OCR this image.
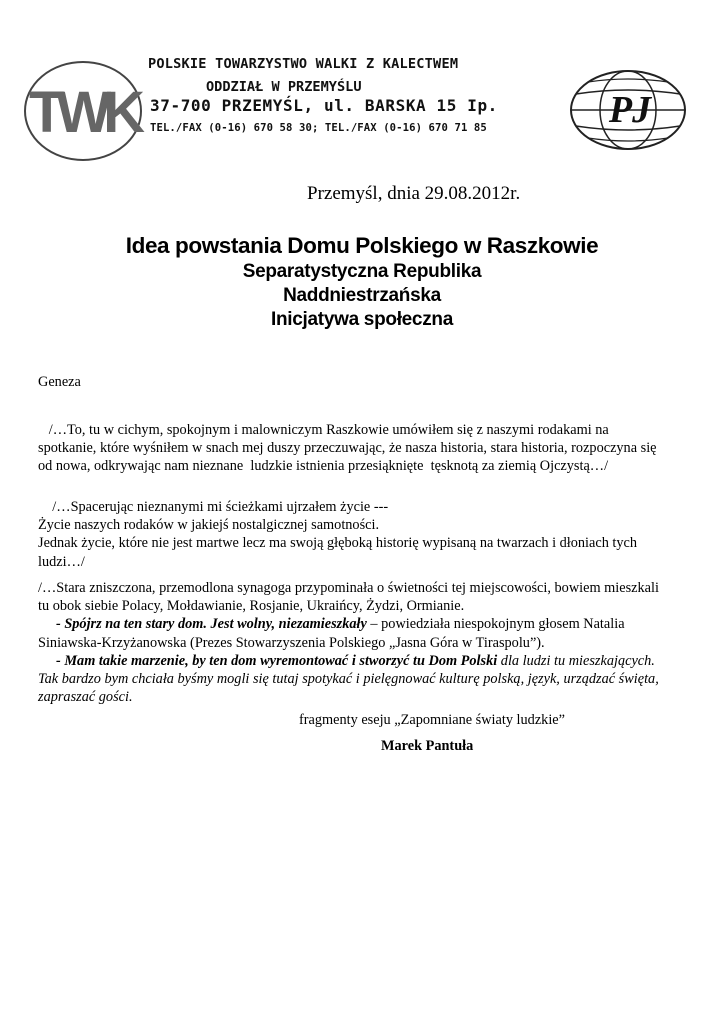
TWK	PJ
POLSKIE TOWARZYSTWO WALKI Z KALECTWEM
ODDZIAŁ W PRZEMYŚLU
37-700 PRZEMYŚL, ul. BARSKA 15 Ip.
TEL./FAX (0-16) 670 58 30; TEL./FAX (0-16) 670 71 85
Przemyśl, dnia 29.08.2012r.
Idea powstania Domu Polskiego w Raszkowie
Separatystyczna Republika
Naddniestrzańska
Inicjatywa społeczna
Geneza
/…To, tu w cichym, spokojnym i malowniczym Raszkowie umówiłem się z naszymi rodakami na
spotkanie, które wyśniłem w snach mej duszy przeczuwając, że nasza historia, stara historia, rozpoczyna się
od nowa, odkrywając nam nieznane  ludzkie istnienia przesiąknięte  tęsknotą za ziemią Ojczystą…/
/…Spacerując nieznanymi mi ścieżkami ujrzałem życie ---
Życie naszych rodaków w jakiejś nostalgicznej samotności.
Jednak życie, które nie jest martwe lecz ma swoją głęboką historię wypisaną na twarzach i dłoniach tych
ludzi…/
/…Stara zniszczona, przemodlona synagoga przypominała o świetności tej miejscowości, bowiem mieszkali
tu obok siebie Polacy, Mołdawianie, Rosjanie, Ukraińcy, Żydzi, Ormianie.
- Spójrz na ten stary dom. Jest wolny, niezamieszkały – powiedziała niespokojnym głosem Natalia
Siniawska-Krzyżanowska (Prezes Stowarzyszenia Polskiego „Jasna Góra w Tiraspolu”).
- Mam takie marzenie, by ten dom wyremontować i stworzyć tu Dom Polski dla ludzi tu mieszkających.
Tak bardzo bym chciała byśmy mogli się tutaj spotykać i pielęgnować kulturę polską, język, urządzać święta,
zapraszać gości.
fragmenty eseju „Zapomniane światy ludzkie”
Marek Pantuła
